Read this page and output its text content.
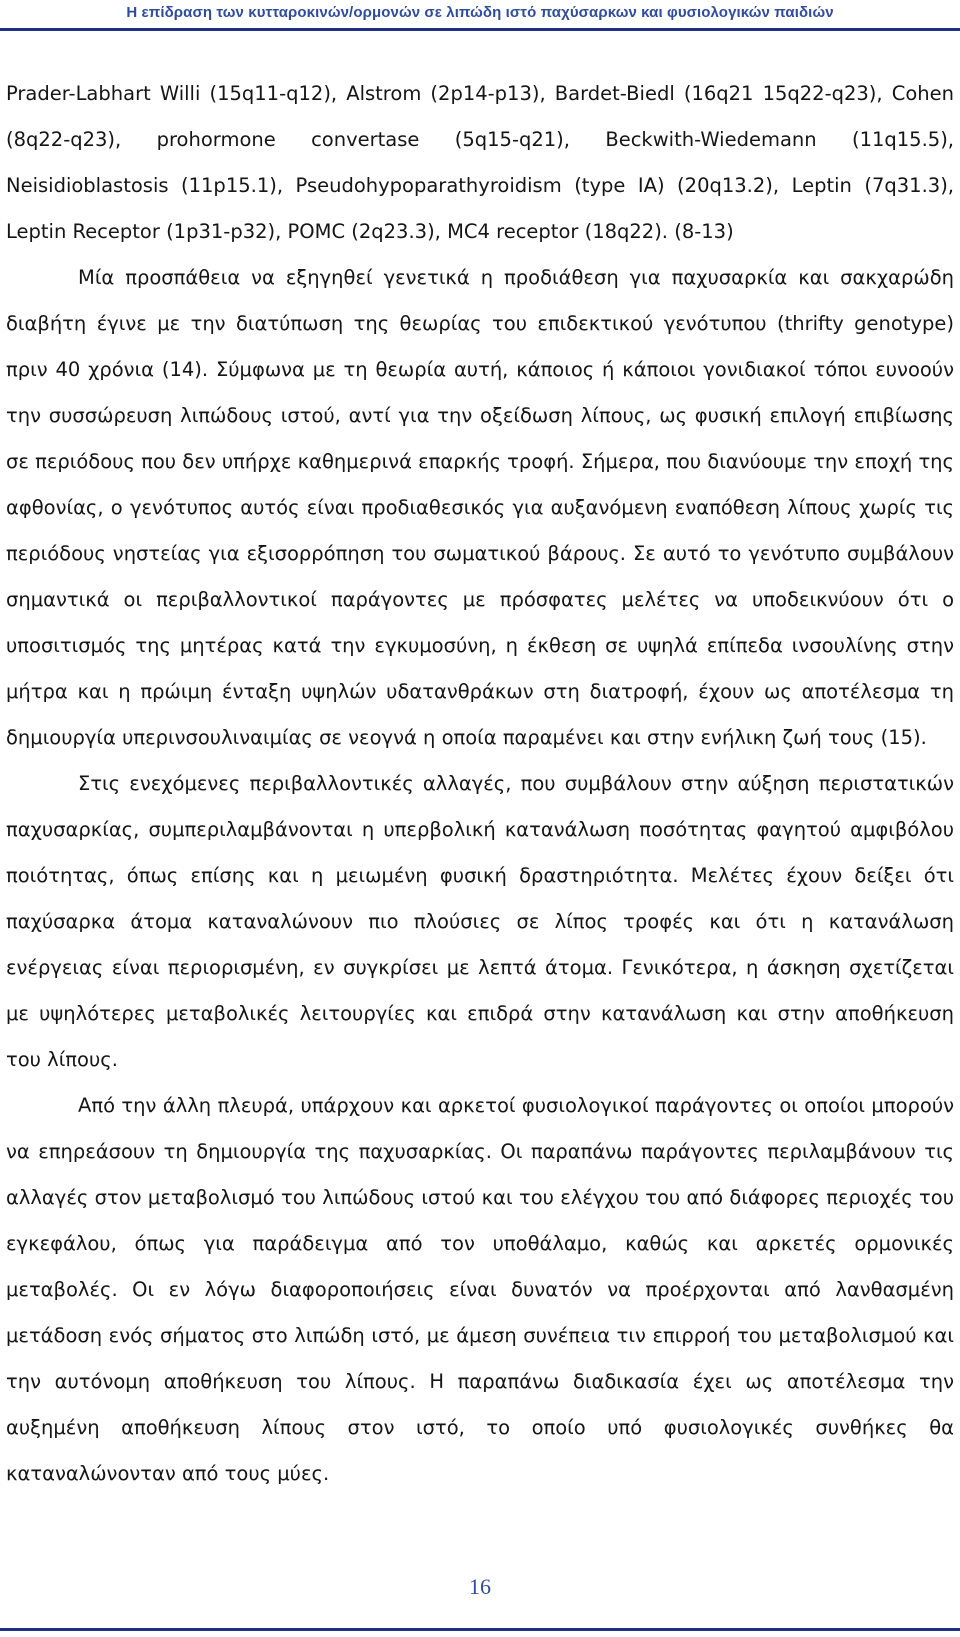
Η επίδραση των κυτταροκινών/ορμονών σε λιπώδη ιστό παχύσαρκων και φυσιολογικών παιδιών

Prader-Labhart Willi (15q11-q12), Alstrom (2p14-p13), Bardet-Biedl (16q21 15q22-q23), Cohen (8q22-q23), prohormone convertase (5q15-q21), Beckwith-Wiedemann (11q15.5), Neisidioblastosis (11p15.1), Pseudohypoparathyroidism (type IA) (20q13.2), Leptin (7q31.3), Leptin Receptor (1p31-p32), POMC (2q23.3), MC4 receptor (18q22). (8-13)

Μία προσπάθεια να εξηγηθεί γενετικά η προδιάθεση για παχυσαρκία και σακχαρώδη διαβήτη έγινε με την διατύπωση της θεωρίας του επιδεκτικού γενότυπου (thrifty genotype) πριν 40 χρόνια (14). Σύμφωνα με τη θεωρία αυτή, κάποιος ή κάποιοι γονιδιακοί τόποι ευνοούν την συσσώρευση λιπώδους ιστού, αντί για την οξείδωση λίπους, ως φυσική επιλογή επιβίωσης σε περιόδους που δεν υπήρχε καθημερινά επαρκής τροφή. Σήμερα, που διανύουμε την εποχή της αφθονίας, ο γενότυπος αυτός είναι προδιαθεσικός για αυξανόμενη εναπόθεση λίπους χωρίς τις περιόδους νηστείας για εξισορρόπηση του σωματικού βάρους. Σε αυτό το γενότυπο συμβάλουν σημαντικά οι περιβαλλοντικοί παράγοντες με πρόσφατες μελέτες να υποδεικνύουν ότι ο υποσιτισμός της μητέρας κατά την εγκυμοσύνη, η έκθεση σε υψηλά επίπεδα ινσουλίνης στην μήτρα και η πρώιμη ένταξη υψηλών υδατανθράκων στη διατροφή, έχουν ως αποτέλεσμα τη δημιουργία υπερινσουλιναιμίας σε νεογνά η οποία παραμένει και στην ενήλικη ζωή τους (15).

Στις ενεχόμενες περιβαλλοντικές αλλαγές, που συμβάλουν στην αύξηση περιστατικών παχυσαρκίας, συμπεριλαμβάνονται η υπερβολική κατανάλωση ποσότητας φαγητού αμφιβόλου ποιότητας, όπως επίσης και η μειωμένη φυσική δραστηριότητα. Μελέτες έχουν δείξει ότι παχύσαρκα άτομα καταναλώνουν πιο πλούσιες σε λίπος τροφές και ότι η κατανάλωση ενέργειας είναι περιορισμένη, εν συγκρίσει με λεπτά άτομα. Γενικότερα, η άσκηση σχετίζεται με υψηλότερες μεταβολικές λειτουργίες και επιδρά στην κατανάλωση και στην αποθήκευση του λίπους.

Από την άλλη πλευρά, υπάρχουν και αρκετοί φυσιολογικοί παράγοντες οι οποίοι μπορούν να επηρεάσουν τη δημιουργία της παχυσαρκίας. Οι παραπάνω παράγοντες περιλαμβάνουν τις αλλαγές στον μεταβολισμό του λιπώδους ιστού και του ελέγχου του από διάφορες περιοχές του εγκεφάλου, όπως για παράδειγμα από τον υποθάλαμο, καθώς και αρκετές ορμονικές μεταβολές. Οι εν λόγω διαφοροποιήσεις είναι δυνατόν να προέρχονται από λανθασμένη μετάδοση ενός σήματος στο λιπώδη ιστό, με άμεση συνέπεια τιν επιρροή του μεταβολισμού και την αυτόνομη αποθήκευση του λίπους. Η παραπάνω διαδικασία έχει ως αποτέλεσμα την αυξημένη αποθήκευση λίπους στον ιστό, το οποίο υπό φυσιολογικές συνθήκες θα καταναλώνονταν από τους μύες.

16
